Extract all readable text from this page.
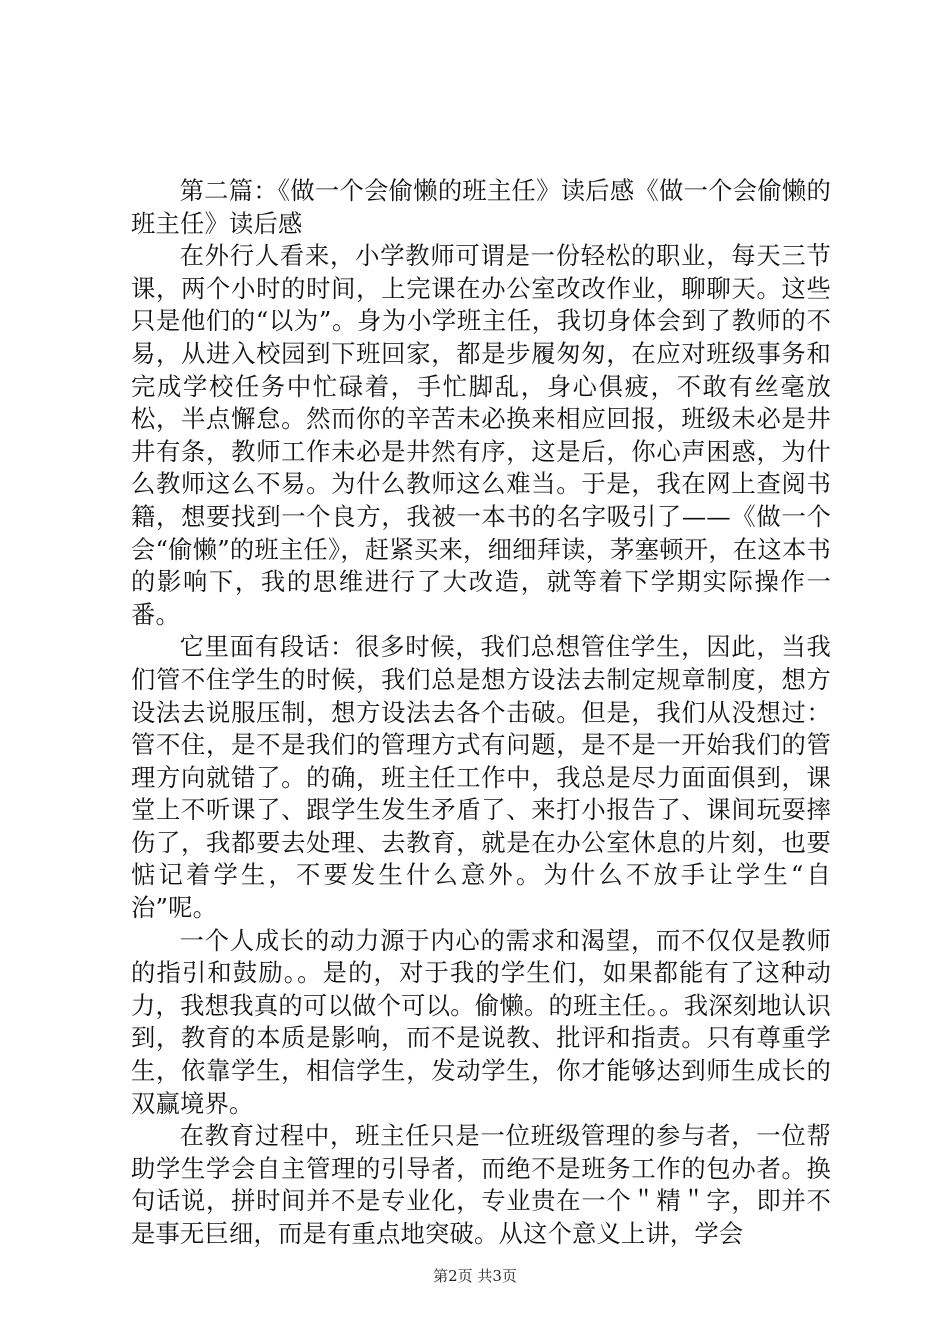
第二篇：《做一个会偷懒的班主任》读后感《做一个会偷懒的班主任》读后感

在外行人看来，小学教师可谓是一份轻松的职业，每天三节课，两个小时的时间，上完课在办公室改改作业，聊聊天。这些只是他们的“以为”。身为小学班主任，我切身体会到了教师的不易，从进入校园到下班回家，都是步履匆匆，在应对班级事务和完成学校任务中忙碌着，手忙脚乱，身心俱疲，不敢有丝毫放松，半点懈怠。然而你的辛苦未必换来相应回报，班级未必是井井有条，教师工作未必是井然有序，这是后，你心声困惑，为什么教师这么不易。为什么教师这么难当。于是，我在网上查阅书籍，想要找到一个良方，我被一本书的名字吸引了——《做一个会“偷懒”的班主任》，赶紧买来，细细拜读，茅塞顿开，在这本书的影响下，我的思维进行了大改造，就等着下学期实际操作一番。

它里面有段话：很多时候，我们总想管住学生，因此，当我们管不住学生的时候，我们总是想方设法去制定规章制度，想方设法去说服压制，想方设法去各个击破。但是，我们从没想过：管不住，是不是我们的管理方式有问题，是不是一开始我们的管理方向就错了。的确，班主任工作中，我总是尽力面面俱到，课堂上不听课了、跟学生发生矛盾了、来打小报告了、课间玩耍摔伤了，我都要去处理、去教育，就是在办公室休息的片刻，也要惦记着学生，不要发生什么意外。为什么不放手让学生“自治”呢。

一个人成长的动力源于内心的需求和渴望，而不仅仅是教师的指引和鼓励。。是的，对于我的学生们，如果都能有了这种动力，我想我真的可以做个可以。偷懒。的班主任。。我深刻地认识到，教育的本质是影响，而不是说教、批评和指责。只有尊重学生，依靠学生，相信学生，发动学生，你才能够达到师生成长的双赢境界。

在教育过程中，班主任只是一位班级管理的参与者，一位帮助学生学会自主管理的引导者，而绝不是班务工作的包办者。换句话说，拼时间并不是专业化，专业贵在一个＂精＂字，即并不是事无巨细，而是有重点地突破。从这个意义上讲，学会

第2页 共3页
